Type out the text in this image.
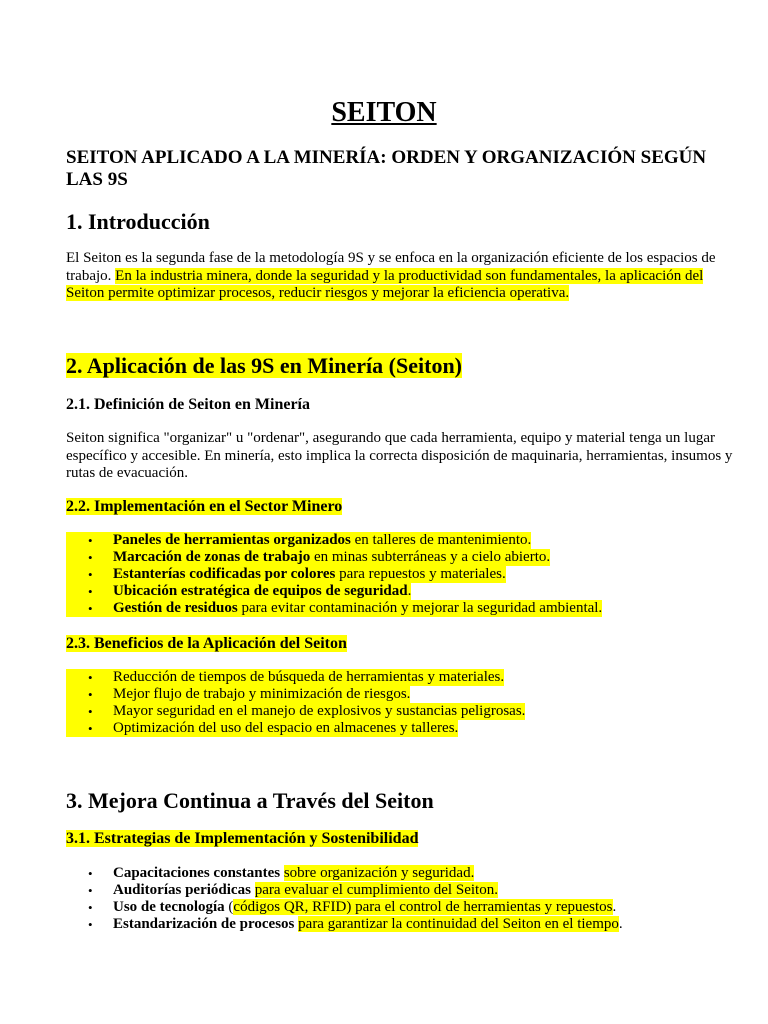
SEITON
SEITON APLICADO A LA MINERÍA: ORDEN Y ORGANIZACIÓN SEGÚN LAS 9S
1. Introducción

El Seiton es la segunda fase de la metodología 9S y se enfoca en la organización eficiente de los espacios de trabajo. En la industria minera, donde la seguridad y la productividad son fundamentales, la aplicación del Seiton permite optimizar procesos, reducir riesgos y mejorar la eficiencia operativa.

2. Aplicación de las 9S en Minería (Seiton)
2.1. Definición de Seiton en Minería

Seiton significa "organizar" u "ordenar", asegurando que cada herramienta, equipo y material tenga un lugar específico y accesible. En minería, esto implica la correcta disposición de maquinaria, herramientas, insumos y rutas de evacuación.

2.2. Implementación en el Sector Minero
• Paneles de herramientas organizados en talleres de mantenimiento.
• Marcación de zonas de trabajo en minas subterráneas y a cielo abierto.
• Estanterías codificadas por colores para repuestos y materiales.
• Ubicación estratégica de equipos de seguridad.
• Gestión de residuos para evitar contaminación y mejorar la seguridad ambiental.
2.3. Beneficios de la Aplicación del Seiton
• Reducción de tiempos de búsqueda de herramientas y materiales.
• Mejor flujo de trabajo y minimización de riesgos.
• Mayor seguridad en el manejo de explosivos y sustancias peligrosas.
• Optimización del uso del espacio en almacenes y talleres.
3. Mejora Continua a Través del Seiton
3.1. Estrategias de Implementación y Sostenibilidad
• Capacitaciones constantes sobre organización y seguridad.
• Auditorías periódicas para evaluar el cumplimiento del Seiton.
• Uso de tecnología (códigos QR, RFID) para el control de herramientas y repuestos.
• Estandarización de procesos para garantizar la continuidad del Seiton en el tiempo.
